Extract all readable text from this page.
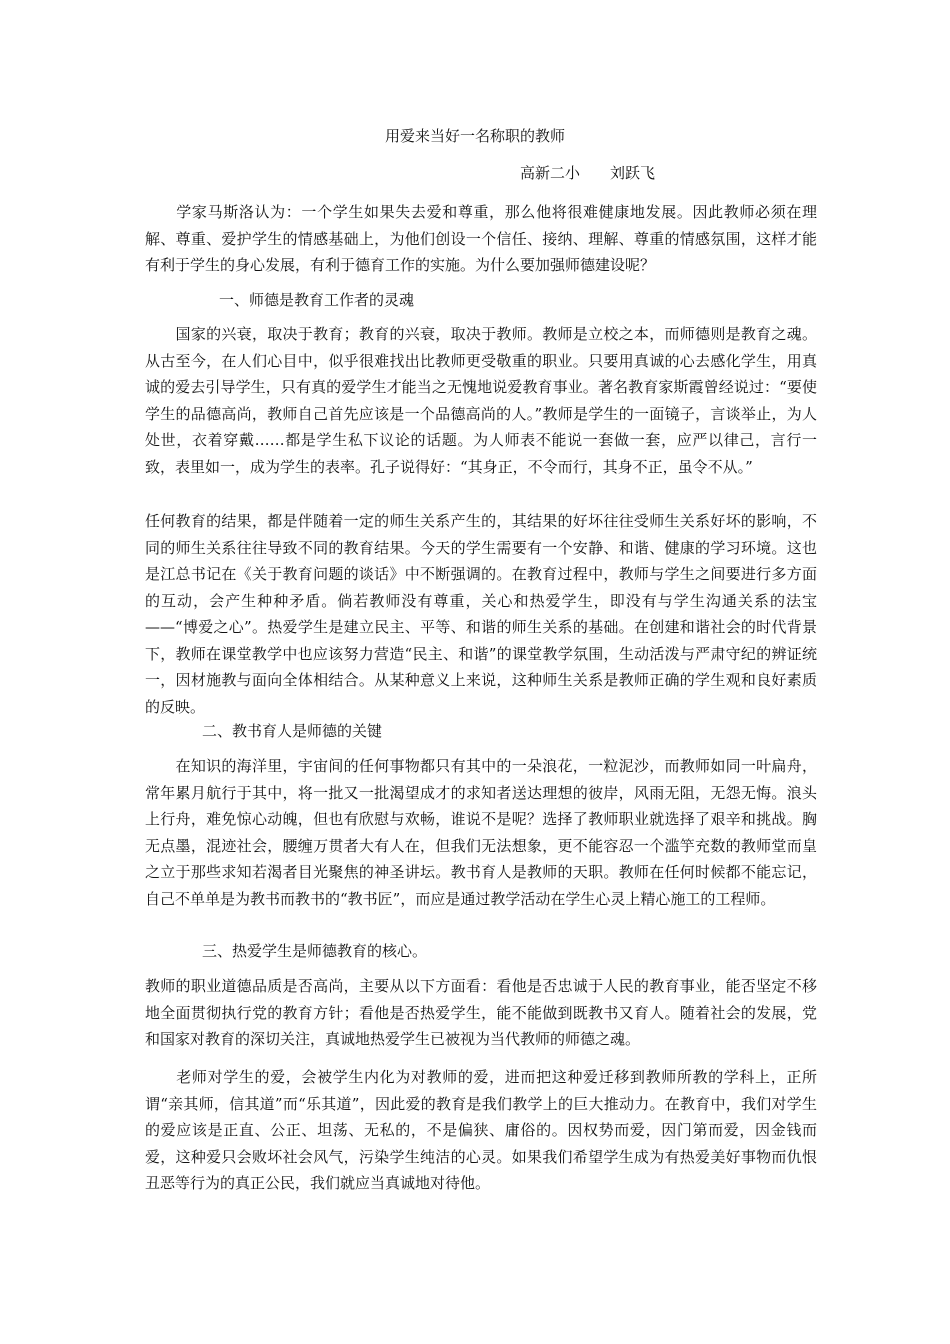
用爱来当好一名称职的教师
高新二小　　刘跃飞

　　学家马斯洛认为：一个学生如果失去爱和尊重，那么他将很难健康地发展。因此教师必须在理解、尊重、爱护学生的情感基础上，为他们创设一个信任、接纳、理解、尊重的情感氛围，这样才能有利于学生的身心发展，有利于德育工作的实施。为什么要加强师德建设呢？

一、师德是教育工作者的灵魂

　　国家的兴衰，取决于教育；教育的兴衰，取决于教师。教师是立校之本，而师德则是教育之魂。从古至今，在人们心目中，似乎很难找出比教师更受敬重的职业。只要用真诚的心去感化学生，用真诚的爱去引导学生，只有真的爱学生才能当之无愧地说爱教育事业。著名教育家斯霞曾经说过：“要使学生的品德高尚，教师自己首先应该是一个品德高尚的人。”教师是学生的一面镜子，言谈举止，为人处世，衣着穿戴……都是学生私下议论的话题。为人师表不能说一套做一套，应严以律己，言行一致，表里如一，成为学生的表率。孔子说得好：“其身正，不令而行，其身不正，虽令不从。”

任何教育的结果，都是伴随着一定的师生关系产生的，其结果的好坏往往受师生关系好坏的影响，不同的师生关系往往导致不同的教育结果。今天的学生需要有一个安静、和谐、健康的学习环境。这也是江总书记在《关于教育问题的谈话》中不断强调的。在教育过程中，教师与学生之间要进行多方面的互动，会产生种种矛盾。倘若教师没有尊重，关心和热爱学生，即没有与学生沟通关系的法宝——“博爱之心”。热爱学生是建立民主、平等、和谐的师生关系的基础。在创建和谐社会的时代背景下，教师在课堂教学中也应该努力营造“民主、和谐”的课堂教学氛围，生动活泼与严肃守纪的辨证统一，因材施教与面向全体相结合。从某种意义上来说，这种师生关系是教师正确的学生观和良好素质的反映。

二、教书育人是师德的关键

　　在知识的海洋里，宇宙间的任何事物都只有其中的一朵浪花，一粒泥沙，而教师如同一叶扁舟，常年累月航行于其中，将一批又一批渴望成才的求知者送达理想的彼岸，风雨无阻，无怨无悔。浪头上行舟，难免惊心动魄，但也有欣慰与欢畅，谁说不是呢？选择了教师职业就选择了艰辛和挑战。胸无点墨，混迹社会，腰缠万贯者大有人在，但我们无法想象，更不能容忍一个滥竽充数的教师堂而皇之立于那些求知若渴者目光聚焦的神圣讲坛。教书育人是教师的天职。教师在任何时候都不能忘记，自己不单单是为教书而教书的“教书匠”，而应是通过教学活动在学生心灵上精心施工的工程师。

三、热爱学生是师德教育的核心。

教师的职业道德品质是否高尚，主要从以下方面看：看他是否忠诚于人民的教育事业，能否坚定不移地全面贯彻执行党的教育方针；看他是否热爱学生，能不能做到既教书又育人。随着社会的发展，党和国家对教育的深切关注，真诚地热爱学生已被视为当代教师的师德之魂。

　　老师对学生的爱，会被学生内化为对教师的爱，进而把这种爱迁移到教师所教的学科上，正所谓“亲其师，信其道”而“乐其道”，因此爱的教育是我们教学上的巨大推动力。在教育中，我们对学生的爱应该是正直、公正、坦荡、无私的，不是偏狭、庸俗的。因权势而爱，因门第而爱，因金钱而爱，这种爱只会败坏社会风气，污染学生纯洁的心灵。如果我们希望学生成为有热爱美好事物而仇恨丑恶等行为的真正公民，我们就应当真诚地对待他。
